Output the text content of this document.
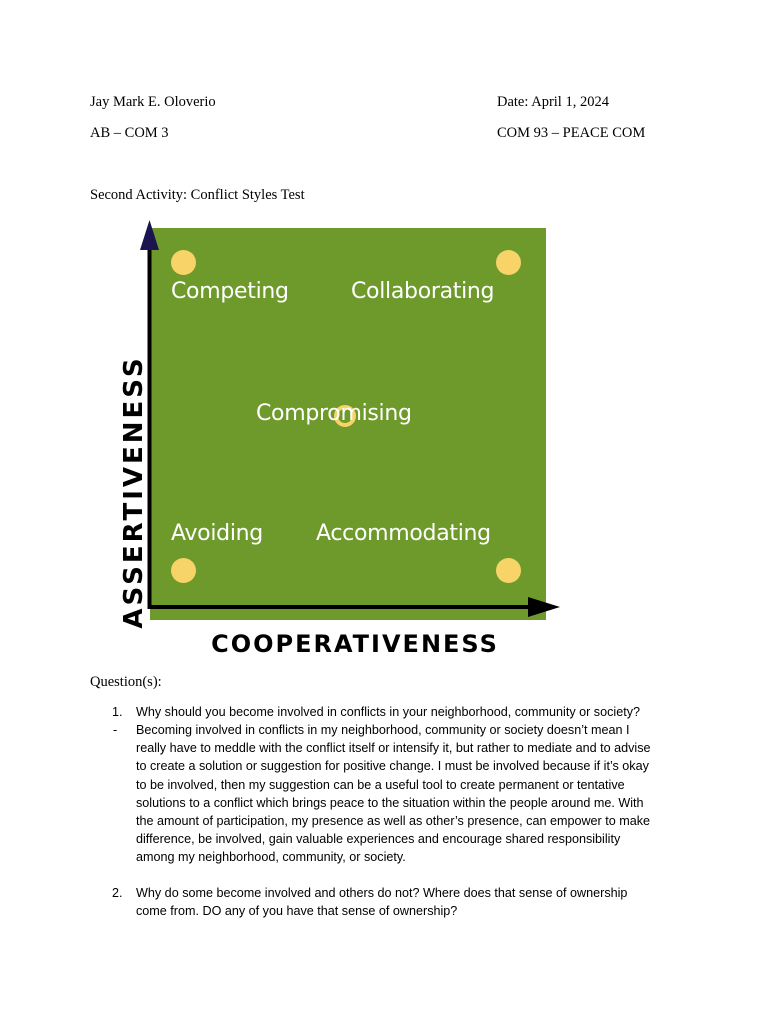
Jay Mark E. Oloverio	Date: April 1, 2024
AB – COM 3	COM 93 – PEACE COM
Second Activity: Conflict Styles Test
Competing	Collaborating
Compromising
Avoiding Accommodating
ASSERTIVENESS
COOPERATIVENESS
Question(s):
1. Why should you become involved in conflicts in your neighborhood, community or society?
- Becoming involved in conflicts in my neighborhood, community or society doesn’t mean I
really have to meddle with the conflict itself or intensify it, but rather to mediate and to advise
to create a solution or suggestion for positive change. I must be involved because if it’s okay
to be involved, then my suggestion can be a useful tool to create permanent or tentative
solutions to a conflict which brings peace to the situation within the people around me. With
the amount of participation, my presence as well as other’s presence, can empower to make
difference, be involved, gain valuable experiences and encourage shared responsibility
among my neighborhood, community, or society.
2. Why do some become involved and others do not? Where does that sense of ownership
come from. DO any of you have that sense of ownership?
